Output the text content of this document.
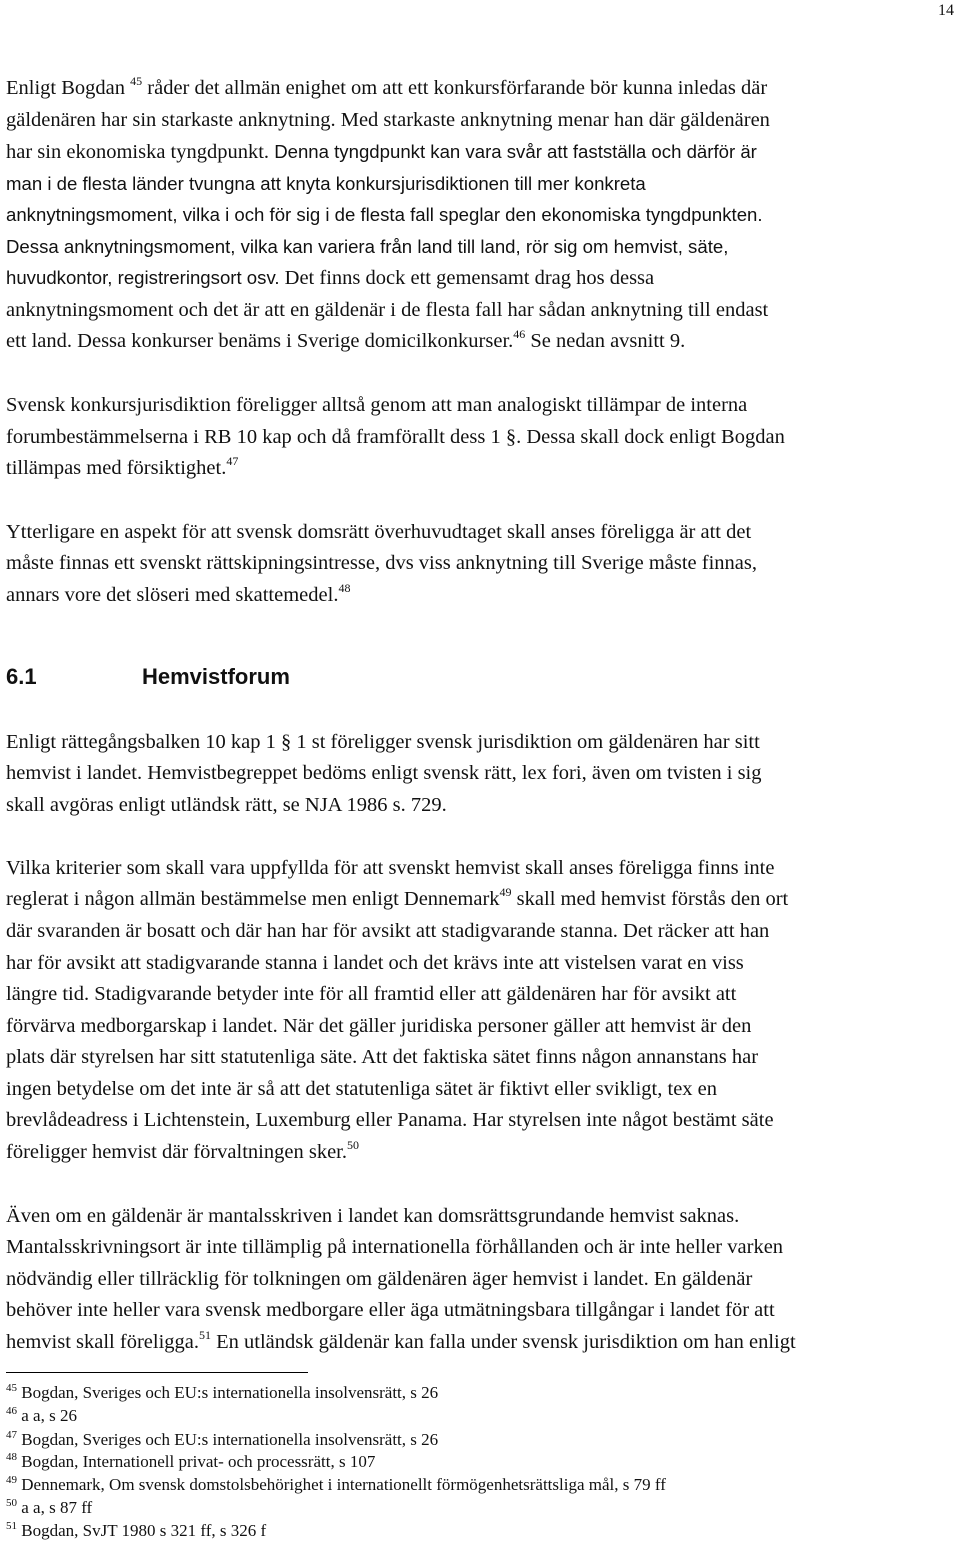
14
Enligt Bogdan $^{45}$ råder det allmän enighet om att ett konkursförfarande bör kunna inledas där
gäldenären har sin starkaste anknytning. Med starkaste anknytning menar han där gäldenären
har sin ekonomiska tyngdpunkt. Denna tyngdpunkt kan vara svår att fastställa och därför är
man i de flesta länder tvungna att knyta konkursjurisdiktionen till mer konkreta
anknytningsmoment, vilka i och för sig i de flesta fall speglar den ekonomiska tyngdpunkten.
Dessa anknytningsmoment, vilka kan variera från land till land, rör sig om hemvist, säte,
huvudkontor, registreringsort osv. Det finns dock ett gemensamt drag hos dessa
anknytningsmoment och det är att en gäldenär i de flesta fall har sådan anknytning till endast
ett land. Dessa konkurser benäms i Sverige domicilkonkurser.$^{46}$ Se nedan avsnitt 9.
Svensk konkursjurisdiktion föreligger alltså genom att man analogiskt tillämpar de interna
forumbestämmelserna i RB 10 kap och då framförallt dess 1 §. Dessa skall dock enligt Bogdan
tillämpas med försiktighet.$^{47}$
Ytterligare en aspekt för att svensk domsrätt överhuvudtaget skall anses föreligga är att det
måste finnas ett svenskt rättskipningsintresse, dvs viss anknytning till Sverige måste finnas,
annars vore det slöseri med skattemedel.$^{48}$
6.1	Hemvistforum
Enligt rättegångsbalken 10 kap 1 § 1 st föreligger svensk jurisdiktion om gäldenären har sitt
hemvist i landet. Hemvistbegreppet bedöms enligt svensk rätt, lex fori, även om tvisten i sig
skall avgöras enligt utländsk rätt, se NJA 1986 s. 729.
Vilka kriterier som skall vara uppfyllda för att svenskt hemvist skall anses föreligga finns inte
reglerat i någon allmän bestämmelse men enligt Dennemark$^{49}$ skall med hemvist förstås den ort
där svaranden är bosatt och där han har för avsikt att stadigvarande stanna. Det räcker att han
har för avsikt att stadigvarande stanna i landet och det krävs inte att vistelsen varat en viss
längre tid. Stadigvarande betyder inte för all framtid eller att gäldenären har för avsikt att
förvärva medborgarskap i landet. När det gäller juridiska personer gäller att hemvist är den
plats där styrelsen har sitt statutenliga säte. Att det faktiska sätet finns någon annanstans har
ingen betydelse om det inte är så att det statutenliga sätet är fiktivt eller svikligt, tex en
brevlådeadress i Lichtenstein, Luxemburg eller Panama. Har styrelsen inte något bestämt säte
föreligger hemvist där förvaltningen sker.$^{50}$
Även om en gäldenär är mantalsskriven i landet kan domsrättsgrundande hemvist saknas.
Mantalsskrivningsort är inte tillämplig på internationella förhållanden och är inte heller varken
nödvändig eller tillräcklig för tolkningen om gäldenären äger hemvist i landet. En gäldenär
behöver inte heller vara svensk medborgare eller äga utmätningsbara tillgångar i landet för att
hemvist skall föreligga.$^{51}$ En utländsk gäldenär kan falla under svensk jurisdiktion om han enligt
$^{45}$ Bogdan, Sveriges och EU:s internationella insolvensrätt, s 26
$^{46}$ a a, s 26
$^{47}$ Bogdan, Sveriges och EU:s internationella insolvensrätt, s 26
$^{48}$ Bogdan, Internationell privat- och processrätt, s 107
$^{49}$ Dennemark, Om svensk domstolsbehörighet i internationellt förmögenhetsrättsliga mål, s 79 ff
$^{50}$ a a, s 87 ff
$^{51}$ Bogdan, SvJT 1980 s 321 ff, s 326 f
